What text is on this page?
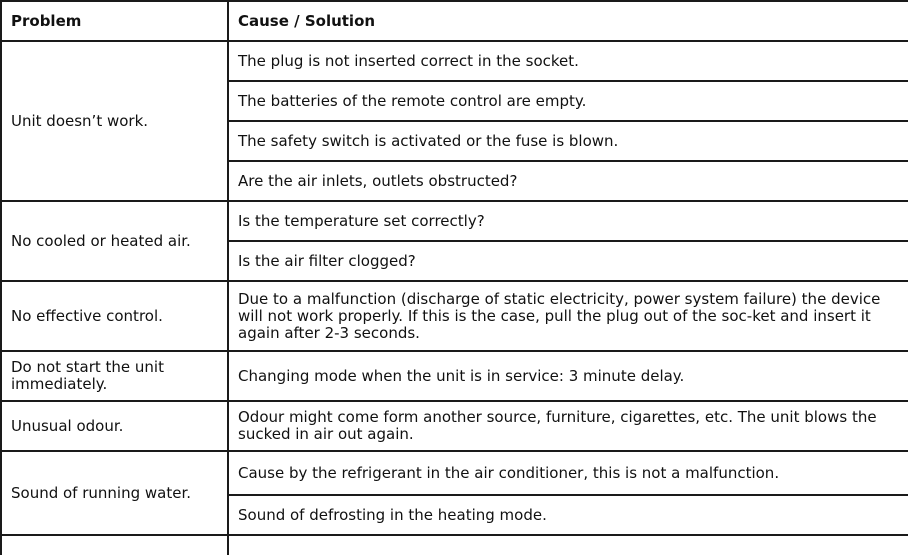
Problem	Cause / Solution
Unit doesn’t work.	The plug is not inserted correct in the socket.
	The batteries of the remote control are empty.
	The safety switch is activated or the fuse is blown.
	Are the air inlets, outlets obstructed?
No cooled or heated air.	Is the temperature set correctly?
	Is the air filter clogged?
No effective control.	Due to a malfunction (discharge of static electricity, power system failure) the device will not work properly. If this is the case, pull the plug out of the soc-ket and insert it again after 2-3 seconds.
Do not start the unit immediately.	Changing mode when the unit is in service: 3 minute delay.
Unusual odour.	Odour might come form another source, furniture, cigarettes, etc. The unit blows the sucked in air out again.
Sound of running water.	Cause by the refrigerant in the air conditioner, this is not a malfunction.
	Sound of defrosting in the heating mode.
